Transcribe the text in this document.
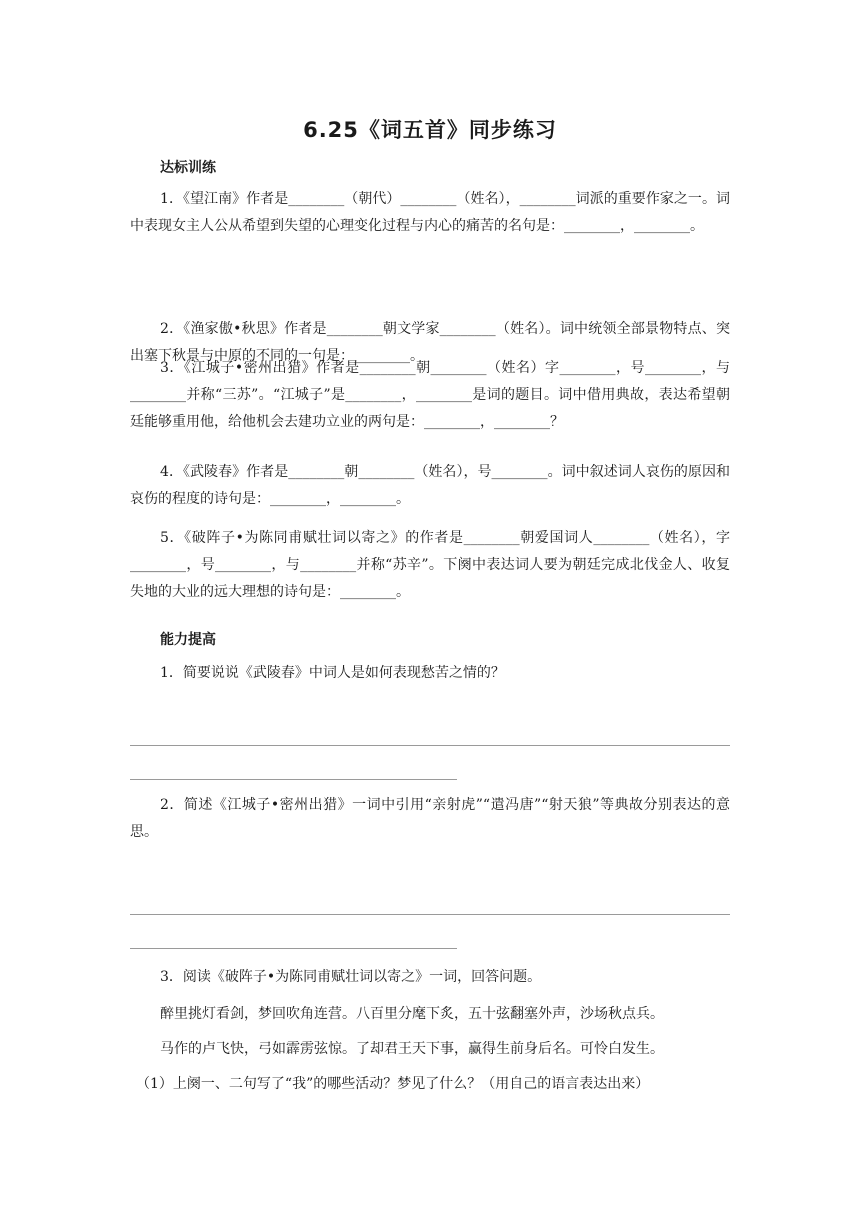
6.25《词五首》同步练习
达标训练

1．《望江南》作者是________（朝代）________（姓名），________词派的重要作家之一。词中表现女主人公从希望到失望的心理变化过程与内心的痛苦的名句是：________，________。

2．《渔家傲•秋思》作者是________朝文学家________（姓名）。词中统领全部景物特点、突出塞下秋景与中原的不同的一句是：________。

3．《江城子•密州出猎》作者是________朝________（姓名）字________，号________，与________并称“三苏”。“江城子”是________，________是词的题目。词中借用典故，表达希望朝廷能够重用他，给他机会去建功立业的两句是：________，________？

4．《武陵春》作者是________朝________（姓名），号________。词中叙述词人哀伤的原因和哀伤的程度的诗句是：________，________。

5．《破阵子•为陈同甫赋壮词以寄之》的作者是________朝爱国词人________（姓名），字________，号________，与________并称“苏辛”。下阕中表达词人要为朝廷完成北伐金人、收复失地的大业的远大理想的诗句是：________。

能力提高

1．简要说说《武陵春》中词人是如何表现愁苦之情的？

2．简述《江城子•密州出猎》一词中引用“亲射虎”“遣冯唐”“射天狼”等典故分别表达的意思。

3．阅读《破阵子•为陈同甫赋壮词以寄之》一词，回答问题。

醉里挑灯看剑，梦回吹角连营。八百里分麾下炙，五十弦翻塞外声，沙场秋点兵。

马作的卢飞快，弓如霹雳弦惊。了却君王天下事，赢得生前身后名。可怜白发生。

（1）上阕一、二句写了“我”的哪些活动？梦见了什么？（用自己的语言表达出来）
